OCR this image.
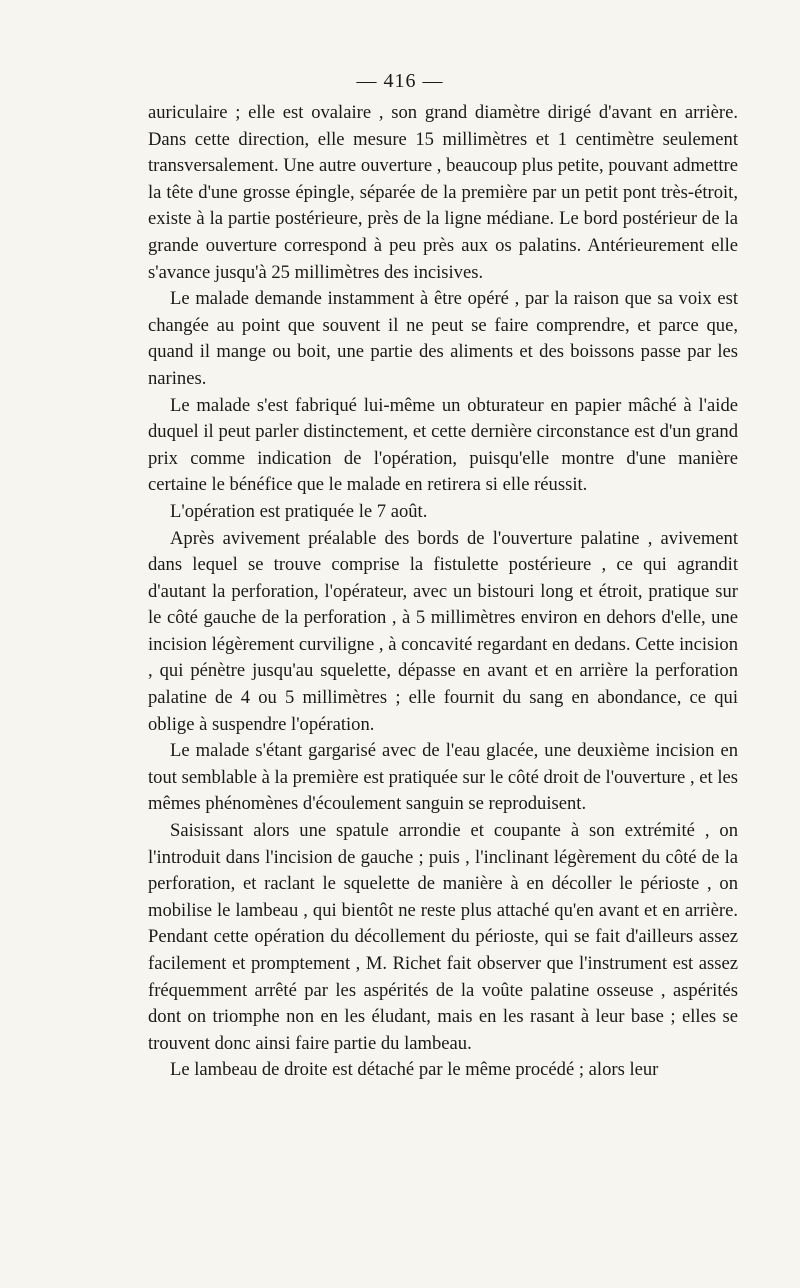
— 416 —

auriculaire ; elle est ovalaire , son grand diamètre dirigé d'avant en arrière. Dans cette direction, elle mesure 15 millimètres et 1 centimètre seulement transversalement. Une autre ouverture , beaucoup plus petite, pouvant admettre la tête d'une grosse épingle, séparée de la première par un petit pont très-étroit, existe à la partie postérieure, près de la ligne médiane. Le bord postérieur de la grande ouverture correspond à peu près aux os palatins. Antérieurement elle s'avance jusqu'à 25 millimètres des incisives.

Le malade demande instamment à être opéré , par la raison que sa voix est changée au point que souvent il ne peut se faire comprendre, et parce que, quand il mange ou boit, une partie des aliments et des boissons passe par les narines.

Le malade s'est fabriqué lui-même un obturateur en papier mâché à l'aide duquel il peut parler distinctement, et cette dernière circonstance est d'un grand prix comme indication de l'opération, puisqu'elle montre d'une manière certaine le bénéfice que le malade en retirera si elle réussit.

L'opération est pratiquée le 7 août.

Après avivement préalable des bords de l'ouverture palatine , avivement dans lequel se trouve comprise la fistulette postérieure , ce qui agrandit d'autant la perforation, l'opérateur, avec un bistouri long et étroit, pratique sur le côté gauche de la perforation , à 5 millimètres environ en dehors d'elle, une incision légèrement curviligne , à concavité regardant en dedans. Cette incision , qui pénètre jusqu'au squelette, dépasse en avant et en arrière la perforation palatine de 4 ou 5 millimètres ; elle fournit du sang en abondance, ce qui oblige à suspendre l'opération.

Le malade s'étant gargarisé avec de l'eau glacée, une deuxième incision en tout semblable à la première est pratiquée sur le côté droit de l'ouverture , et les mêmes phénomènes d'écoulement sanguin se reproduisent.

Saisissant alors une spatule arrondie et coupante à son extrémité , on l'introduit dans l'incision de gauche ; puis , l'inclinant légèrement du côté de la perforation, et raclant le squelette de manière à en décoller le périoste , on mobilise le lambeau , qui bientôt ne reste plus attaché qu'en avant et en arrière. Pendant cette opération du décollement du périoste, qui se fait d'ailleurs assez facilement et promptement , M. Richet fait observer que l'instrument est assez fréquemment arrêté par les aspérités de la voûte palatine osseuse , aspérités dont on triomphe non en les éludant, mais en les rasant à leur base ; elles se trouvent donc ainsi faire partie du lambeau.

Le lambeau de droite est détaché par le même procédé ; alors leur
